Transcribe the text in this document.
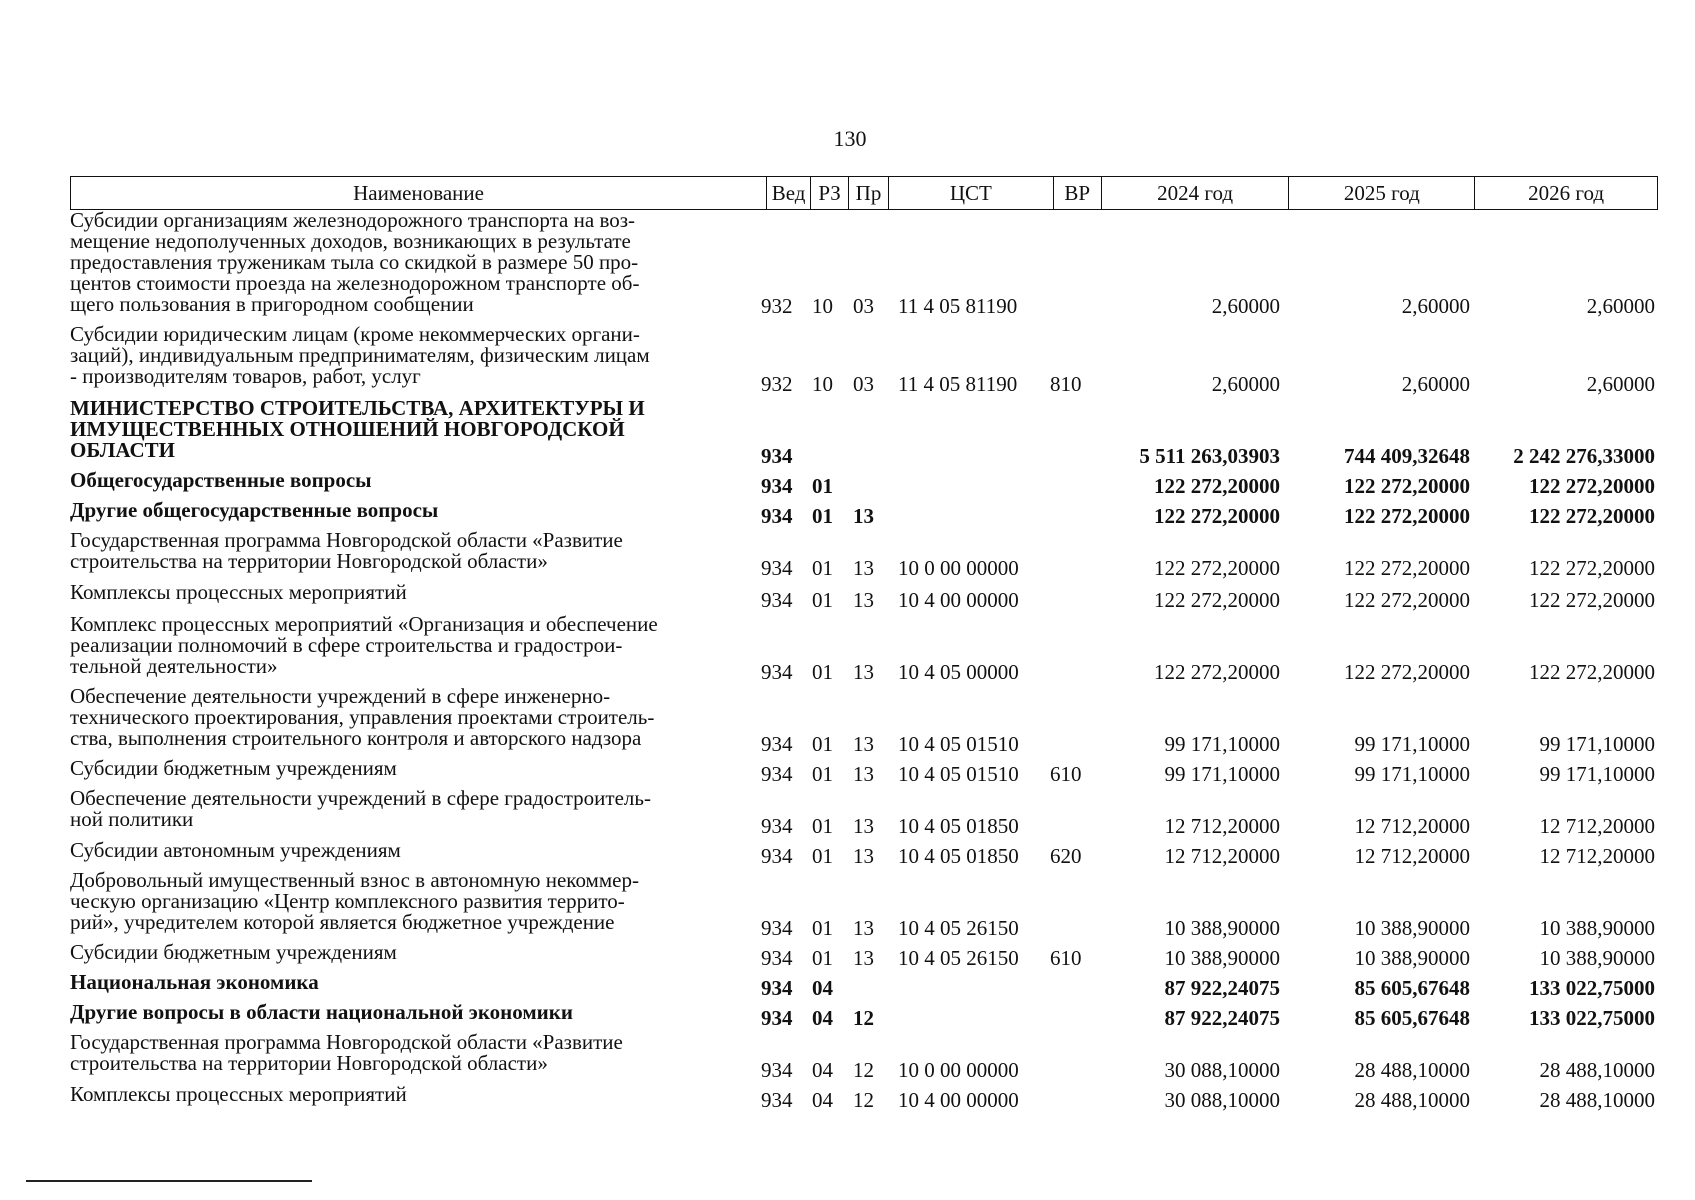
130
Наименование	Вед РЗ Пр	ЦСТ	ВР	2024 год	2025 год	2026 год
Субсидии организациям железнодорожного транспорта на воз-
мещение недополученных доходов, возникающих в результате
предоставления труженикам тыла со скидкой в размере 50 про-
центов стоимости проезда на железнодорожном транспорте об-
щего пользования в пригородном сообщении	932 10 03	11 4 05 81190	2,60000	2,60000	2,60000
Субсидии юридическим лицам (кроме некоммерческих органи-
заций), индивидуальным предпринимателям, физическим лицам
- производителям товаров, работ, услуг	932 10 03	11 4 05 81190	810	2,60000	2,60000	2,60000
МИНИСТЕРСТВО СТРОИТЕЛЬСТВА, АРХИТЕКТУРЫ И
ИМУЩЕСТВЕННЫХ ОТНОШЕНИЙ НОВГОРОДСКОЙ
ОБЛАСТИ	934	5 511 263,03903	744 409,32648	2 242 276,33000
Общегосударственные вопросы	934 01	122 272,20000	122 272,20000	122 272,20000
Другие общегосударственные вопросы	934 01 13	122 272,20000	122 272,20000	122 272,20000
Государственная программа Новгородской области «Развитие
строительства на территории Новгородской области»	934 01 13	10 0 00 00000	122 272,20000	122 272,20000	122 272,20000
Комплексы процессных мероприятий	934 01 13	10 4 00 00000	122 272,20000	122 272,20000	122 272,20000
Комплекс процессных мероприятий «Организация и обеспечение
реализации полномочий в сфере строительства и градострои-
тельной деятельности»	934 01 13	10 4 05 00000	122 272,20000	122 272,20000	122 272,20000
Обеспечение деятельности учреждений в сфере инженерно-
технического проектирования, управления проектами строитель-
ства, выполнения строительного контроля и авторского надзора	934 01 13	10 4 05 01510	99 171,10000	99 171,10000	99 171,10000
Субсидии бюджетным учреждениям	934 01 13	10 4 05 01510	610	99 171,10000	99 171,10000	99 171,10000
Обеспечение деятельности учреждений в сфере градостроитель-
ной политики	934 01 13	10 4 05 01850	12 712,20000	12 712,20000	12 712,20000
Субсидии автономным учреждениям	934 01 13	10 4 05 01850	620	12 712,20000	12 712,20000	12 712,20000
Добровольный имущественный взнос в автономную некоммер-
ческую организацию «Центр комплексного развития террито-
рий», учредителем которой является бюджетное учреждение	934 01 13	10 4 05 26150	10 388,90000	10 388,90000	10 388,90000
Субсидии бюджетным учреждениям	934 01 13	10 4 05 26150	610	10 388,90000	10 388,90000	10 388,90000
Национальная экономика	934 04	87 922,24075	85 605,67648	133 022,75000
Другие вопросы в области национальной экономики	934 04 12	87 922,24075	85 605,67648	133 022,75000
Государственная программа Новгородской области «Развитие
строительства на территории Новгородской области»	934 04 12	10 0 00 00000	30 088,10000	28 488,10000	28 488,10000
Комплексы процессных мероприятий	934 04 12	10 4 00 00000	30 088,10000	28 488,10000	28 488,10000
